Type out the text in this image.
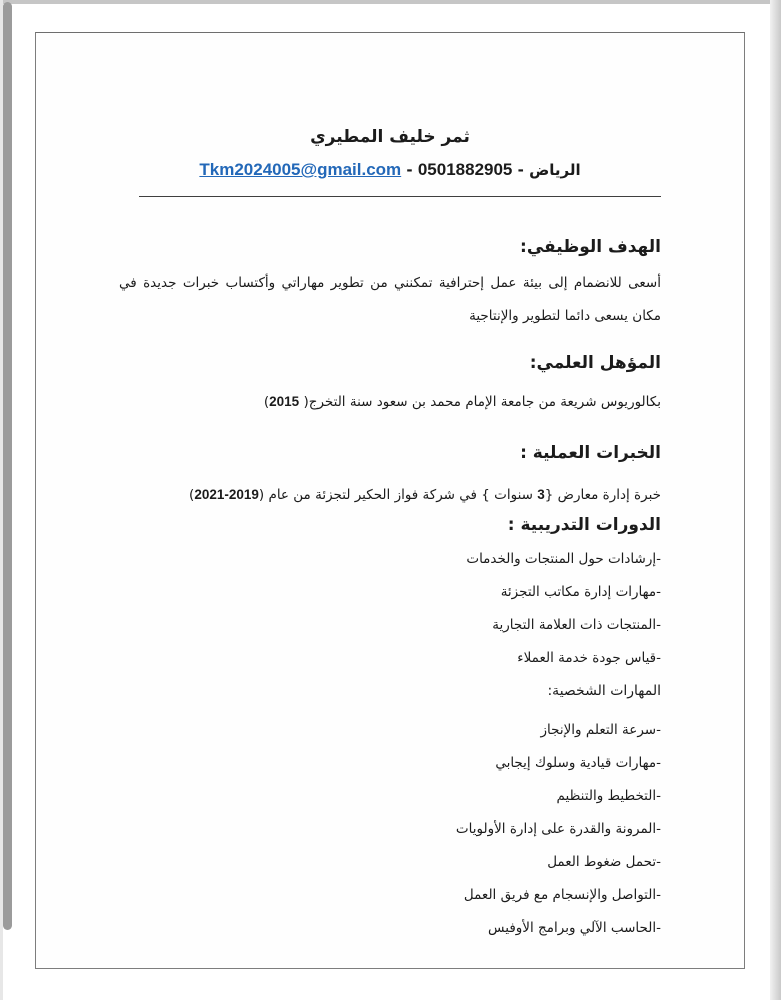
ثمر خليف المطيري
الرياض - 0501882905 - Tkm2024005@gmail.com
الهدف الوظيفي:
أسعى للانضمام إلى بيئة عمل إحترافية تمكنني من تطوير مهاراتي وأكتساب خبرات جديدة في مكان يسعى دائما لتطوير والإنتاجية
المؤهل العلمي:
بكالوريوس شريعة من جامعة الإمام محمد بن سعود سنة التخرج( 2015)
الخبرات العملية :
خبرة إدارة معارض {3 سنوات } في شركة فواز الحكير لتجزئة من عام (2019-2021)
الدورات التدريبية :
-إرشادات حول المنتجات والخدمات
-مهارات إدارة مكاتب التجزئة
-المنتجات ذات العلامة التجارية
-قياس جودة خدمة العملاء
المهارات الشخصية:
-سرعة التعلم والإنجاز
-مهارات قيادية وسلوك إيجابي
-التخطيط والتنظيم
-المرونة والقدرة على إدارة الأولويات
-تحمل ضغوط العمل
-التواصل والإنسجام مع فريق العمل
-الحاسب الآلي وبرامج الأوفيس
